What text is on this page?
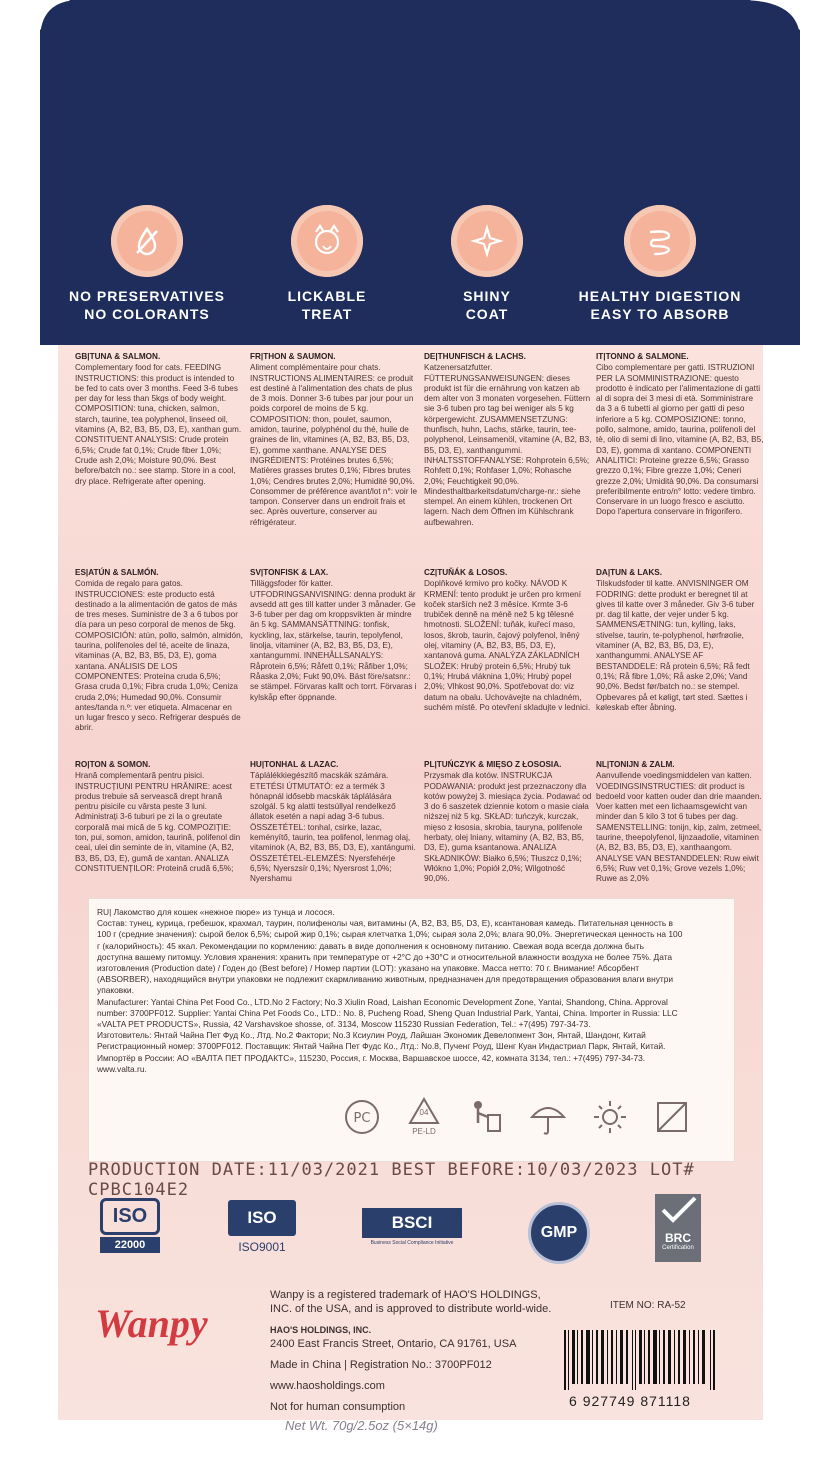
NO PRESERVATIVES
NO COLORANTS
LICKABLE
TREAT
SHINY
COAT
HEALTHY DIGESTION
EASY TO ABSORB
GB|TUNA & SALMON.
Complementary food for cats. FEEDING INSTRUCTIONS: this product is intended to be fed to cats over 3 months. Feed 3-6 tubes per day for less than 5kgs of body weight. COMPOSITION: tuna, chicken, salmon, starch, taurine, tea polyphenol, linseed oil, vitamins (A, B2, B3, B5, D3, E), xanthan gum. CONSTITUENT ANALYSIS: Crude protein 6,5%; Crude fat 0,1%; Crude fiber 1,0%; Crude ash 2,0%; Moisture 90,0%. Best before/batch no.: see stamp. Store in a cool, dry place. Refrigerate after opening.
FR|THON & SAUMON.
Aliment complémentaire pour chats. INSTRUCTIONS ALIMENTAIRES: ce produit est destiné à l'alimentation des chats de plus de 3 mois. Donner 3-6 tubes par jour pour un poids corporel de moins de 5 kg. COMPOSITION: thon, poulet, saumon, amidon, taurine, polyphénol du thé, huile de graines de lin, vitamines (A, B2, B3, B5, D3, E), gomme xanthane. ANALYSE DES INGRÉDIENTS: Protéines brutes 6,5%; Matières grasses brutes 0,1%; Fibres brutes 1,0%; Cendres brutes 2,0%; Humidité 90,0%. Consommer de préférence avant/lot n°: voir le tampon. Conserver dans un endroit frais et sec. Après ouverture, conserver au réfrigérateur.
DE|THUNFISCH & LACHS.
Katzenersatzfutter. FÜTTERUNGSANWEISUNGEN: dieses produkt ist für die ernährung von katzen ab dem alter von 3 monaten vorgesehen. Füttern sie 3-6 tuben pro tag bei weniger als 5 kg körpergewicht. ZUSAMMENSETZUNG: thunfisch, huhn, Lachs, stärke, taurin, tee-polyphenol, Leinsamenöl, vitamine (A, B2, B3, B5, D3, E), xanthangummi. INHALTSSTOFFANALYSE: Rohprotein 6,5%; Rohfett 0,1%; Rohfaser 1,0%; Rohasche 2,0%; Feuchtigkeit 90,0%. Mindesthaltbarkeitsdatum/charge-nr.: siehe stempel. An einem kühlen, trockenen Ort lagern. Nach dem Öffnen im Kühlschrank aufbewahren.
IT|TONNO & SALMONE.
Cibo complementare per gatti. ISTRUZIONI PER LA SOMMINISTRAZIONE: questo prodotto è indicato per l'alimentazione di gatti al di sopra dei 3 mesi di età. Somministrare da 3 a 6 tubetti al giorno per gatti di peso inferiore a 5 kg. COMPOSIZIONE: tonno, pollo, salmone, amido, taurina, polifenoli del tè, olio di semi di lino, vitamine (A, B2, B3, B5, D3, E), gomma di xantano. COMPONENTI ANALITICI: Proteine grezze 6,5%; Grasso grezzo 0,1%; Fibre grezze 1,0%; Ceneri grezze 2,0%; Umidità 90,0%. Da consumarsi preferibilmente entro/n° lotto: vedere timbro. Conservare in un luogo fresco e asciutto. Dopo l'apertura conservare in frigorifero.
ES|ATÚN & SALMÓN.
Comida de regalo para gatos. INSTRUCCIONES: este producto está destinado a la alimentación de gatos de más de tres meses. Suministre de 3 a 6 tubos por día para un peso corporal de menos de 5kg. COMPOSICIÓN: atún, pollo, salmón, almidón, taurina, polifenoles del té, aceite de linaza, vitaminas (A, B2, B3, B5, D3, E), goma xantana. ANÁLISIS DE LOS COMPONENTES: Proteína cruda 6,5%; Grasa cruda 0,1%; Fibra cruda 1,0%; Ceniza cruda 2,0%; Humedad 90,0%. Consumir antes/tanda n.º: ver etiqueta. Almacenar en un lugar fresco y seco. Refrigerar después de abrir.
SV|TONFISK & LAX.
Tilläggsfoder för katter. UTFODRINGSANVISNING: denna produkt är avsedd att ges till katter under 3 månader. Ge 3-6 tuber per dag om kroppsvikten är mindre än 5 kg. SAMMANSÄTTNING: tonfisk, kyckling, lax, stärkelse, taurin, tepolyfenol, linolja, vitaminer (A, B2, B3, B5, D3, E), xantangummi. INNEHÅLLSANALYS: Råprotein 6,5%; Råfett 0,1%; Råfiber 1,0%; Råaska 2,0%; Fukt 90,0%. Bäst före/satsnr.: se stämpel. Förvaras kallt och torrt. Förvaras i kylskåp efter öppnande.
CZ|TUŇÁK & LOSOS.
Doplňkové krmivo pro kočky. NÁVOD K KRMENÍ: tento produkt je určen pro krmení koček starších než 3 měsíce. Krmte 3-6 trubiček denně na méně než 5 kg tělesné hmotnosti. SLOŽENÍ: tuňák, kuřecí maso, losos, škrob, taurin, čajový polyfenol, lněný olej, vitaminy (A, B2, B3, B5, D3, E), xantanová guma. ANALÝZA ZÁKLADNÍCH SLOŽEK: Hrubý protein 6,5%; Hrubý tuk 0,1%; Hrubá vláknina 1,0%; Hrubý popel 2,0%; Vlhkost 90,0%. Spotřebovat do: viz datum na obalu. Uchovávejte na chladném, suchém místě. Po otevření skladujte v lednici.
DA|TUN & LAKS.
Tilskudsfoder til katte. ANVISNINGER OM FODRING: dette produkt er beregnet til at gives til katte over 3 måneder. Giv 3-6 tuber pr. dag til katte, der vejer under 5 kg. SAMMENSÆTNING: tun, kylling, laks, stivelse, taurin, te-polyphenol, hørfrøolie, vitaminer (A, B2, B3, B5, D3, E), xanthangummi. ANALYSE AF BESTANDDELE: Rå protein 6,5%; Rå fedt 0,1%; Rå fibre 1,0%; Rå aske 2,0%; Vand 90,0%. Bedst før/batch no.: se stempel. Opbevares på et køligt, tørt sted. Sættes i køleskab efter åbning.
RO|TON & SOMON.
Hrană complementară pentru pisici. INSTRUCȚIUNI PENTRU HRĂNIRE: acest produs trebuie să servească drept hrană pentru pisicile cu vârsta peste 3 luni. Administrați 3-6 tuburi pe zi la o greutate corporală mai mică de 5 kg. COMPOZIȚIE: ton, pui, somon, amidon, taurină, polifenol din ceai, ulei din seminte de in, vitamine (A, B2, B3, B5, D3, E), gumă de xantan. ANALIZA CONSTITUENȚILOR: Proteină crudă 6,5%;
HU|TONHAL & LAZAC.
Táplálékkiegészítő macskák számára. ETETÉSI ÚTMUTATÓ: ez a termék 3 hónapnál idősebb macskák táplálására szolgál. 5 kg alatti testsúllyal rendelkező állatok esetén a napi adag 3-6 tubus. ÖSSZETÉTEL: tonhal, csirke, lazac, keményítő, taurin, tea polifenol, lenmag olaj, vitaminok (A, B2, B3, B5, D3, E), xantángumi. ÖSSZETÉTEL-ELEMZÉS: Nyersfehérje 6,5%; Nyerszsír 0,1%; Nyersrost 1,0%; Nyershamu
PL|TUŃCZYK & MIĘSO Z ŁOSOSIA.
Przysmak dla kotów. INSTRUKCJA PODAWANIA: produkt jest przeznaczony dla kotów powyżej 3. miesiąca życia. Podawać od 3 do 6 saszetek dziennie kotom o masie ciała niższej niż 5 kg. SKŁAD: tuńczyk, kurczak, mięso z łososia, skrobia, tauryna, polifenole herbaty, olej lniany, witaminy (A, B2, B3, B5, D3, E), guma ksantanowa. ANALIZA SKŁADNIKÓW: Białko 6,5%; Tłuszcz 0,1%; Włókno 1,0%; Popiół 2,0%; Wilgotność 90,0%.
NL|TONIJN & ZALM.
Aanvullende voedingsmiddelen van katten. VOEDINGSINSTRUCTIES: dit product is bedoeld voor katten ouder dan drie maanden. Voer katten met een lichaamsgewicht van minder dan 5 kilo 3 tot 6 tubes per dag. SAMENSTELLING: tonijn, kip, zalm, zetmeel, taurine, theepolyfenol, lijnzaadolie, vitaminen (A, B2, B3, B5, D3, E), xanthaangom. ANALYSE VAN BESTANDDELEN: Ruw eiwit 6,5%; Ruw vet 0,1%; Grove vezels 1,0%; Ruwe as 2,0%
RU| Лакомство для кошек «нежное пюре» из тунца и лосося.
Состав: тунец, курица, гребешок, крахмал, таурин, полифенолы чая, витамины (A, B2, B3, B5, D3, E), ксантановая камедь. Питательная ценность в
100 г (средние значения): сырой белок 6,5%; сырой жир 0,1%; сырая клетчатка 1,0%; сырая зола 2,0%; влага 90,0%. Энергетическая ценность на 100
г (калорийность): 45 ккал. Рекомендации по кормлению: давать в виде дополнения к основному питанию. Свежая вода всегда должна быть
доступна вашему питомцу. Условия хранения: хранить при температуре от +2°C до +30°C и относительной влажности воздуха не более 75%. Дата
изготовления (Production date) / Годен до (Best before) / Номер партии (LOT): указано на упаковке. Масса нетто: 70 г. Внимание! Абсорбент
(ABSORBER), находящийся внутри упаковки не подлежит скармливанию животным, предназначен для предотвращения образования влаги внутри
упаковки.
Manufacturer: Yantai China Pet Food Co., LTD.No 2 Factory; No.3 Xiulin Road, Laishan Economic Development Zone, Yantai, Shandong, China. Approval
number: 3700PF012. Supplier: Yantai China Pet Foods Co., LTD.: No. 8, Pucheng Road, Sheng Quan Industrial Park, Yantai, China. Importer in Russia: LLC
«VALTA PET PRODUCTS», Russia, 42 Varshavskoe shosse, of. 3134, Moscow 115230 Russian Federation, Tel.: +7(495) 797-34-73.
Изготовитель: Янтай Чайна Пет Фуд Ко., Лтд. No.2 Фактори; No.3 Ксиулин Роуд, Лайшан Экономик Девелопмент Зон, Янтай, Шандонг, Китай
Регистрационный номер: 3700PF012. Поставщик: Янтай Чайна Пет Фудс Ко., Лтд.: No.8, Пученг Роуд, Шенг Куан Индастриал Парк, Янтай, Китай.
Импортёр в России: АО «ВАЛТА ПЕТ ПРОДАКТС», 115230, Россия, г. Москва, Варшавское шоссе, 42, комната 3134, тел.: +7(495) 797-34-73.
www.valta.ru.
PC	04
PE-LD
PRODUCTION DATE:11/03/2021 BEST BEFORE:10/03/2023 LOT# CPBC104E2
ISO
22000
ISO
ISO9001
BSCI
Business Social Compliance Initiative
GMP	BRC
Certification
Wanpy
Wanpy is a registered trademark of HAO'S HOLDINGS, INC. of the USA, and is approved to distribute world-wide.
HAO'S HOLDINGS, INC.
2400 East Francis Street, Ontario, CA 91761, USA
Made in China | Registration No.: 3700PF012
www.haosholdings.com
Not for human consumption
ITEM NO: RA-52
6 927749 871118
Net Wt. 70g/2.5oz (5×14g)
